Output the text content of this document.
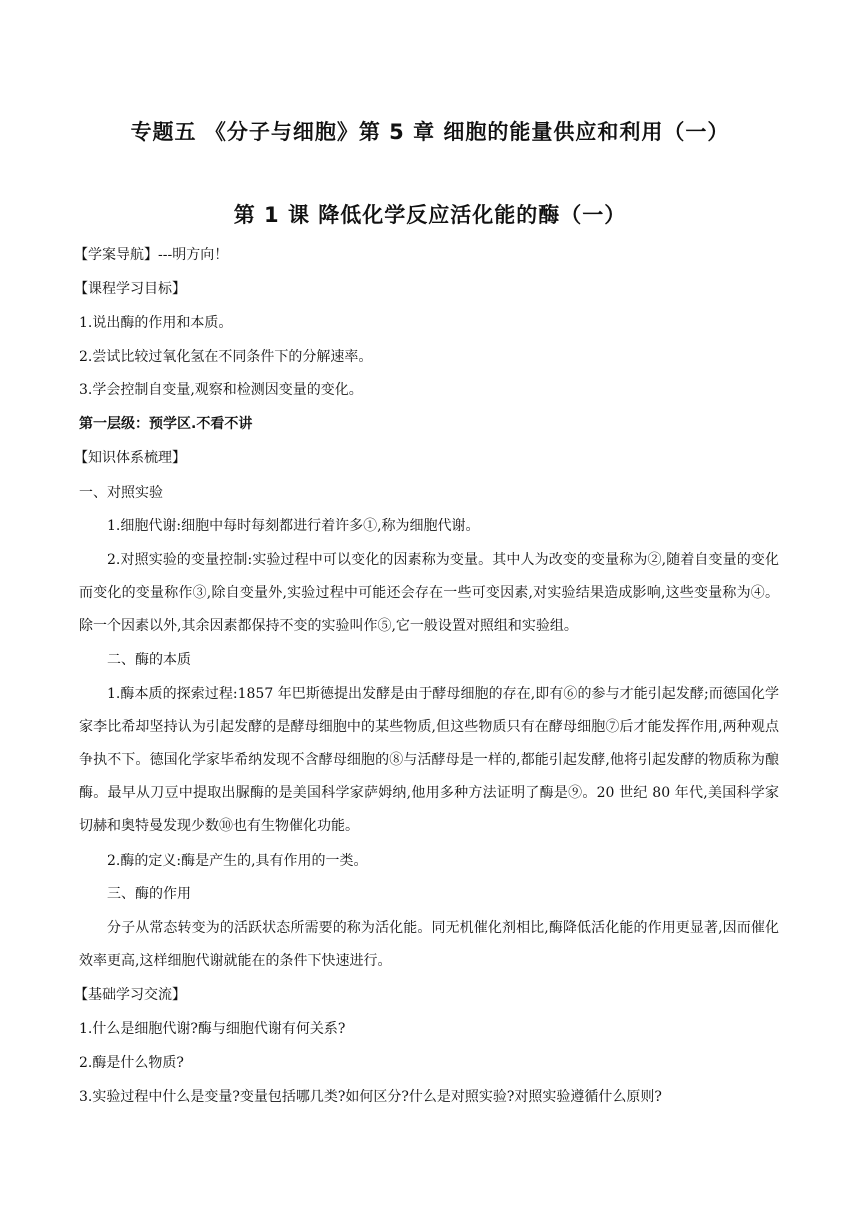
专题五 《分子与细胞》第 5 章 细胞的能量供应和利用（一）
第 1 课 降低化学反应活化能的酶（一）
【学案导航】---明方向！
【课程学习目标】
1.说出酶的作用和本质。
2.尝试比较过氧化氢在不同条件下的分解速率。
3.学会控制自变量,观察和检测因变量的变化。
第一层级：预学区.不看不讲
【知识体系梳理】
一、对照实验
1.细胞代谢:细胞中每时每刻都进行着许多①,称为细胞代谢。
2.对照实验的变量控制:实验过程中可以变化的因素称为变量。其中人为改变的变量称为②,随着自变量的变化而变化的变量称作③,除自变量外,实验过程中可能还会存在一些可变因素,对实验结果造成影响,这些变量称为④。除一个因素以外,其余因素都保持不变的实验叫作⑤,它一般设置对照组和实验组。
二、酶的本质
1.酶本质的探索过程:1857 年巴斯德提出发酵是由于酵母细胞的存在,即有⑥的参与才能引起发酵;而德国化学家李比希却坚持认为引起发酵的是酵母细胞中的某些物质,但这些物质只有在酵母细胞⑦后才能发挥作用,两种观点争执不下。德国化学家毕希纳发现不含酵母细胞的⑧与活酵母是一样的,都能引起发酵,他将引起发酵的物质称为酿酶。最早从刀豆中提取出脲酶的是美国科学家萨姆纳,他用多种方法证明了酶是⑨。20 世纪 80 年代,美国科学家切赫和奥特曼发现少数⑩也有生物催化功能。
2.酶的定义:酶是产生的,具有作用的一类。
三、酶的作用
分子从常态转变为的活跃状态所需要的称为活化能。同无机催化剂相比,酶降低活化能的作用更显著,因而催化效率更高,这样细胞代谢就能在的条件下快速进行。
【基础学习交流】
1.什么是细胞代谢?酶与细胞代谢有何关系?
2.酶是什么物质?
3.实验过程中什么是变量?变量包括哪几类?如何区分?什么是对照实验?对照实验遵循什么原则?
